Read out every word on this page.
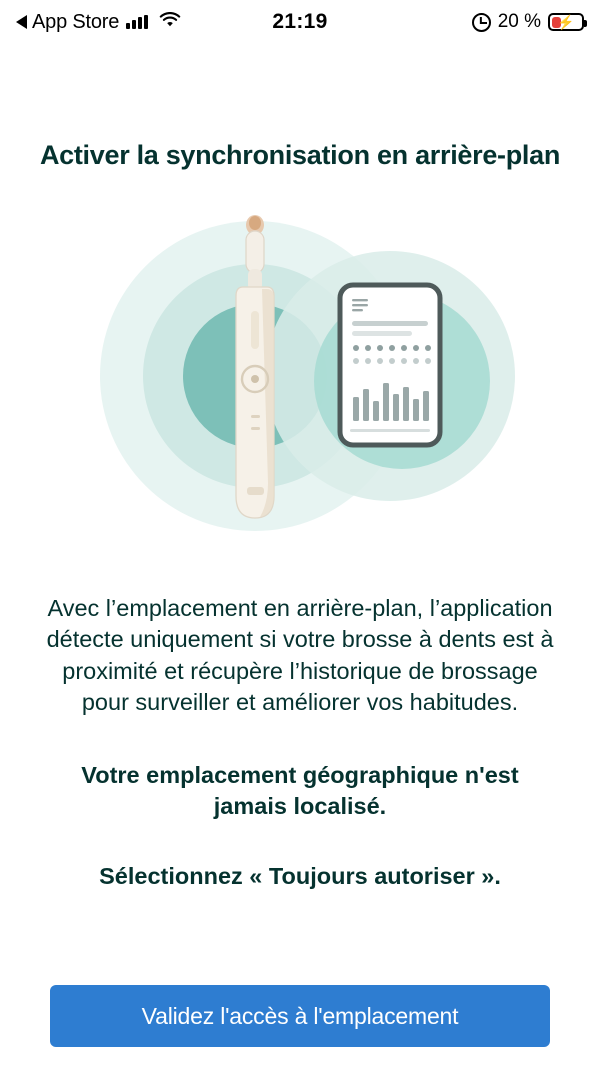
App Store	21:19	20 % ⚡
Activer la synchronisation en arrière-plan

Avec l’emplacement en arrière-plan, l’application détecte uniquement si votre brosse à dents est à proximité et récupère l’historique de brossage pour surveiller et améliorer vos habitudes.

Votre emplacement géographique n'est jamais localisé.

Sélectionnez « Toujours autoriser ».

Validez l'accès à l'emplacement
